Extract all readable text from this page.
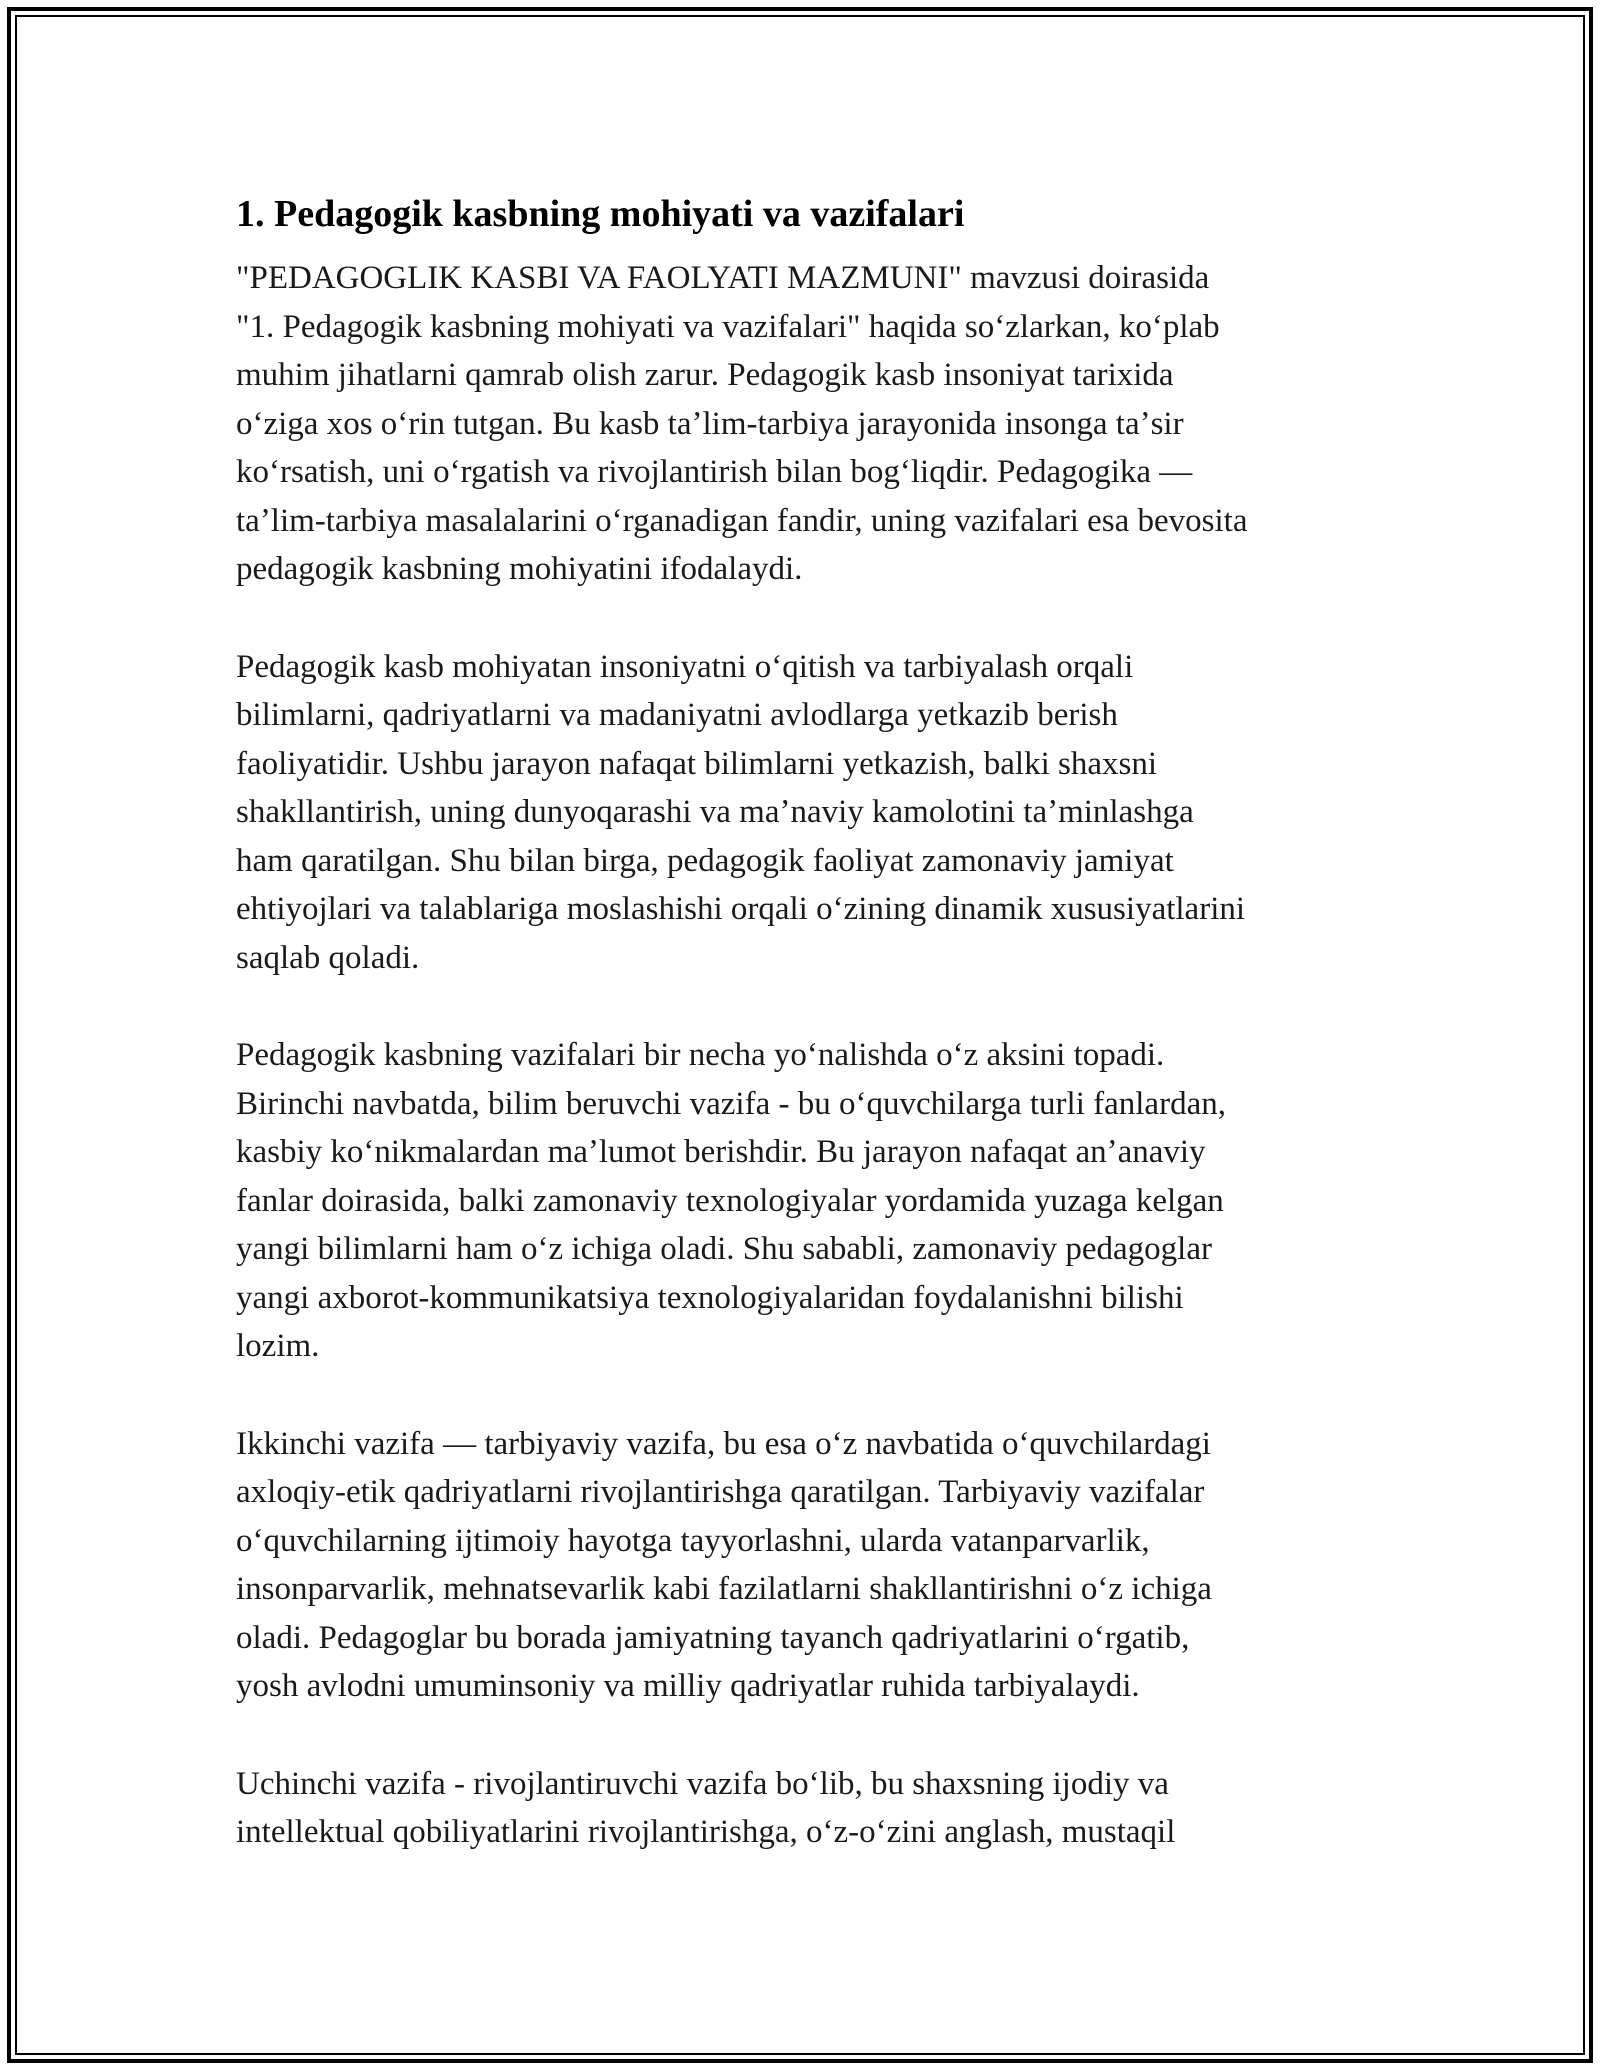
1. Pedagogik kasbning mohiyati va vazifalari

"PEDAGOGLIK KASBI VA FAOLYATI MAZMUNI" mavzusi doirasida
"1. Pedagogik kasbning mohiyati va vazifalari" haqida soʻzlarkan, koʻplab
muhim jihatlarni qamrab olish zarur. Pedagogik kasb insoniyat tarixida
oʻziga xos oʻrin tutgan. Bu kasb taʼlim-tarbiya jarayonida insonga taʼsir
koʻrsatish, uni oʻrgatish va rivojlantirish bilan bogʻliqdir. Pedagogika —
taʼlim-tarbiya masalalarini oʻrganadigan fandir, uning vazifalari esa bevosita
pedagogik kasbning mohiyatini ifodalaydi.

Pedagogik kasb mohiyatan insoniyatni oʻqitish va tarbiyalash orqali
bilimlarni, qadriyatlarni va madaniyatni avlodlarga yetkazib berish
faoliyatidir. Ushbu jarayon nafaqat bilimlarni yetkazish, balki shaxsni
shakllantirish, uning dunyoqarashi va maʼnaviy kamolotini taʼminlashga
ham qaratilgan. Shu bilan birga, pedagogik faoliyat zamonaviy jamiyat
ehtiyojlari va talablariga moslashishi orqali oʻzining dinamik xususiyatlarini
saqlab qoladi.

Pedagogik kasbning vazifalari bir necha yoʻnalishda oʻz aksini topadi.
Birinchi navbatda, bilim beruvchi vazifa - bu oʻquvchilarga turli fanlardan,
kasbiy koʻnikmalardan maʼlumot berishdir. Bu jarayon nafaqat anʼanaviy
fanlar doirasida, balki zamonaviy texnologiyalar yordamida yuzaga kelgan
yangi bilimlarni ham oʻz ichiga oladi. Shu sababli, zamonaviy pedagoglar
yangi axborot-kommunikatsiya texnologiyalaridan foydalanishni bilishi
lozim.

Ikkinchi vazifa — tarbiyaviy vazifa, bu esa oʻz navbatida oʻquvchilardagi
axloqiy-etik qadriyatlarni rivojlantirishga qaratilgan. Tarbiyaviy vazifalar
oʻquvchilarning ijtimoiy hayotga tayyorlashni, ularda vatanparvarlik,
insonparvarlik, mehnatsevarlik kabi fazilatlarni shakllantirishni oʻz ichiga
oladi. Pedagoglar bu borada jamiyatning tayanch qadriyatlarini oʻrgatib,
yosh avlodni umuminsoniy va milliy qadriyatlar ruhida tarbiyalaydi.

Uchinchi vazifa - rivojlantiruvchi vazifa boʻlib, bu shaxsning ijodiy va
intellektual qobiliyatlarini rivojlantirishga, oʻz-oʻzini anglash, mustaqil
